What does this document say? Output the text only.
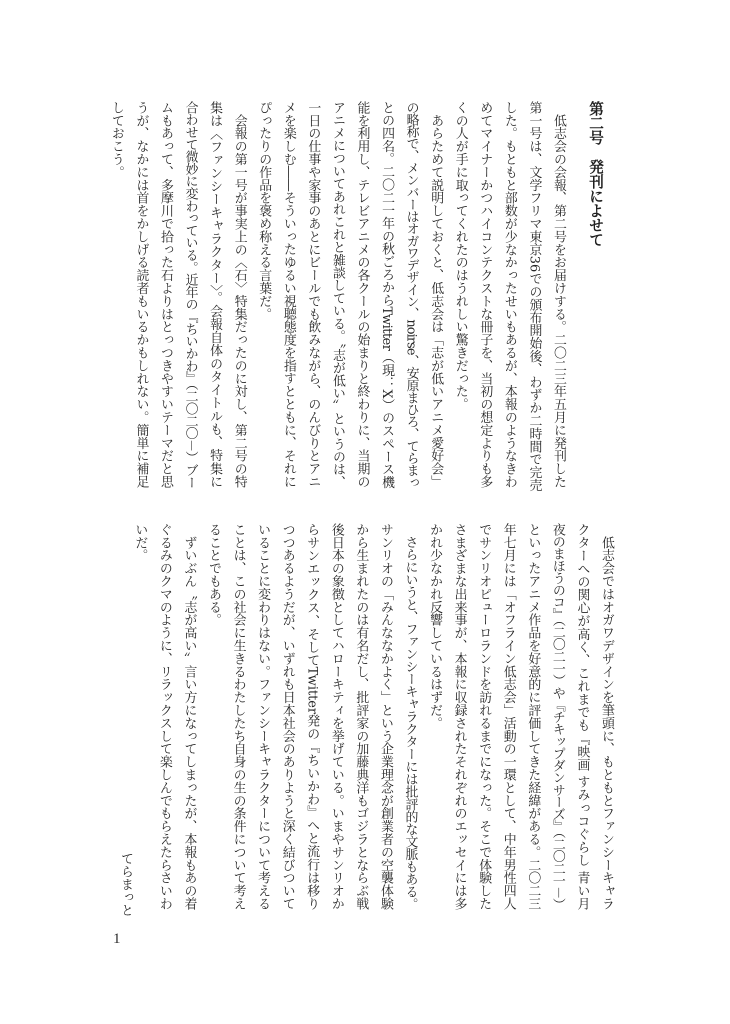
第二号　発刊によせて
　低志会の会報、第二号をお届けする。二〇二三年五月に発刊した
第一号は、文学フリマ東京36での頒布開始後、わずか二時間で完売
した。もともと部数が少なかったせいもあるが、本報のようなきわ
めてマイナーかつハイコンテクストな冊子を、当初の想定よりも多
くの人が手に取ってくれたのはうれしい驚きだった。
　あらためて説明しておくと、低志会は「志が低いアニメ愛好会」
の略称で、メンバーはオガワデザイン、noirse、安原まひろ、てらまっ
との四名。二〇二一年の秋ごろからTwitter（現：X）のスペース機
能を利用し、テレビアニメの各クールの始まりと終わりに、当期の
アニメについてあれこれと雑談している。〝志が低い〟というのは、
一日の仕事や家事のあとにビールでも飲みながら、のんびりとアニ
メを楽しむ――そういったゆるい視聴態度を指すとともに、それに
ぴったりの作品を褒め称える言葉だ。
　会報の第一号が事実上の〈石〉特集だったのに対し、第二号の特
集は〈ファンシーキャラクター〉。会報自体のタイトルも、特集に
合わせて微妙に変わっている。近年の『ちいかわ』（二〇二〇－）ブー
ムもあって、多摩川で拾った石よりはとっつきやすいテーマだと思
うが、なかには首をかしげる読者もいるかもしれない。簡単に補足
しておこう。
　低志会ではオガワデザインを筆頭に、もともとファンシーキャラ
クターへの関心が高く、これまでも『映画 すみっコぐらし 青い月
夜のまほうのコ』（二〇二一）や『チキップダンサーズ』（二〇二一－）
といったアニメ作品を好意的に評価してきた経緯がある。二〇二三
年七月には「オフライン低志会」活動の一環として、中年男性四人
でサンリオピューロランドを訪れるまでになった。そこで体験した
さまざまな出来事が、本報に収録されたそれぞれのエッセイには多
かれ少なかれ反響しているはずだ。
　さらにいうと、ファンシーキャラクターには批評的な文脈もある。
サンリオの「みんななかよく」という企業理念が創業者の空襲体験
から生まれたのは有名だし、批評家の加藤典洋もゴジラとならぶ戦
後日本の象徴としてハローキティを挙げている。いまやサンリオか
らサンエックス、そしてTwitter発の『ちいかわ』へと流行は移り
つつあるようだが、いずれも日本社会のありようと深く結びついて
いることに変わりはない。ファンシーキャラクターについて考える
ことは、この社会に生きるわたしたち自身の生の条件について考え
ることでもある。
　ずいぶん〝志が高い〟言い方になってしまったが、本報もあの着
ぐるみのクマのように、リラックスして楽しんでもらえたらさいわ
いだ。
てらまっと
1
